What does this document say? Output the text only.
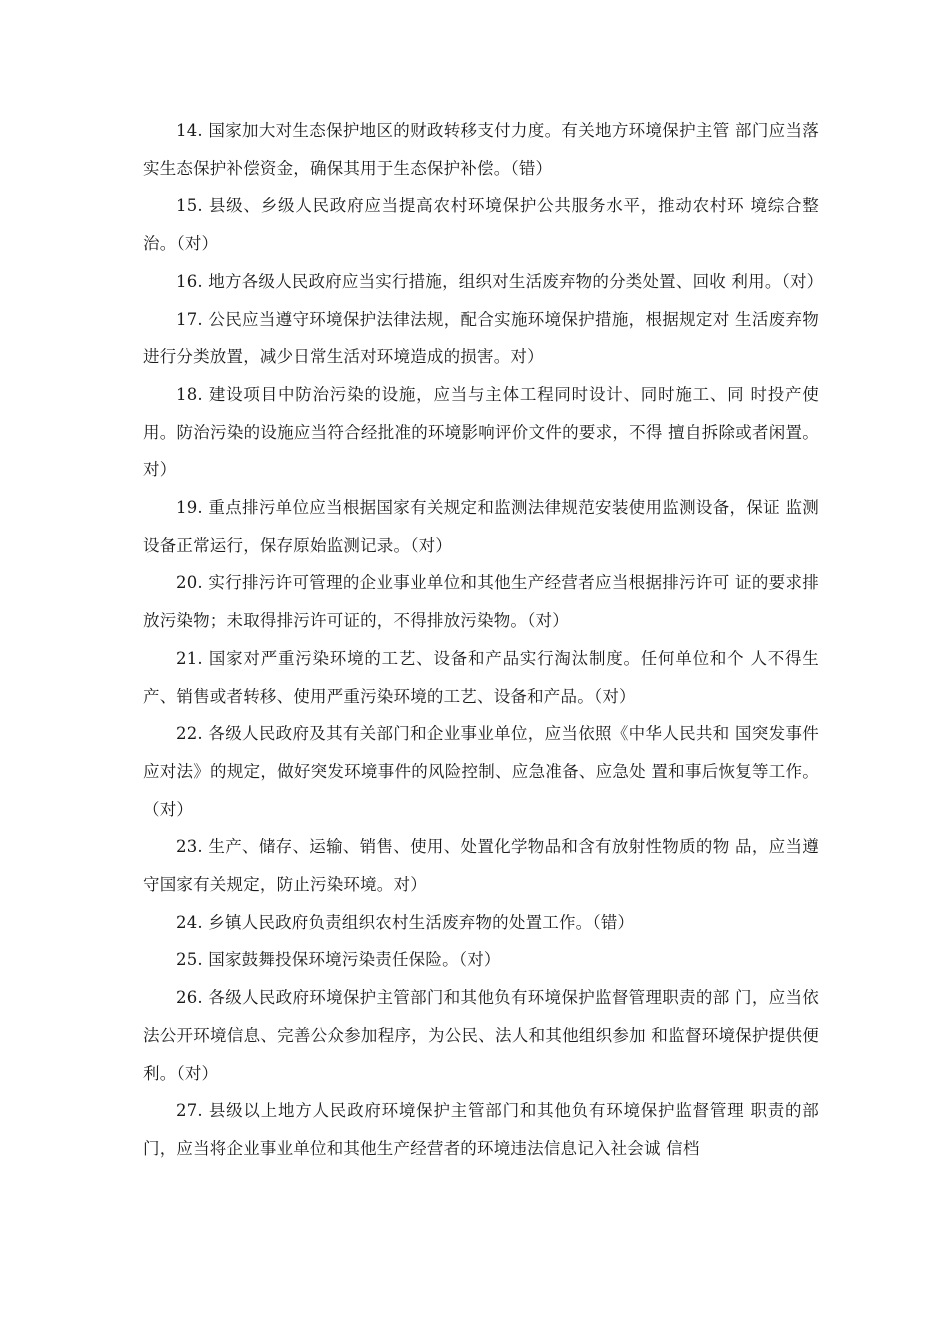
14. 国家加大对生态保护地区的财政转移支付力度。有关地方环境保护主管 部门应当落实生态保护补偿资金，确保其用于生态保护补偿。（错）

15. 县级、乡级人民政府应当提高农村环境保护公共服务水平，推动农村环 境综合整治。（对）

16. 地方各级人民政府应当实行措施，组织对生活废弃物的分类处置、回收 利用。（对）

17. 公民应当遵守环境保护法律法规，配合实施环境保护措施，根据规定对 生活废弃物进行分类放置，减少日常生活对环境造成的损害。对）

18. 建设项目中防治污染的设施，应当与主体工程同时设计、同时施工、同 时投产使用。防治污染的设施应当符合经批准的环境影响评价文件的要求，不得 擅自拆除或者闲置。对）

19. 重点排污单位应当根据国家有关规定和监测法律规范安装使用监测设备，保证 监测设备正常运行，保存原始监测记录。（对）

20. 实行排污许可管理的企业事业单位和其他生产经营者应当根据排污许可 证的要求排放污染物；未取得排污许可证的，不得排放污染物。（对）

21. 国家对严重污染环境的工艺、设备和产品实行淘汰制度。任何单位和个 人不得生产、销售或者转移、使用严重污染环境的工艺、设备和产品。（对）

22. 各级人民政府及其有关部门和企业事业单位，应当依照《中华人民共和 国突发事件应对法》的规定，做好突发环境事件的风险控制、应急准备、应急处 置和事后恢复等工作。（对）

23. 生产、储存、运输、销售、使用、处置化学物品和含有放射性物质的物 品，应当遵守国家有关规定，防止污染环境。对）

24. 乡镇人民政府负责组织农村生活废弃物的处置工作。（错）

25. 国家鼓舞投保环境污染责任保险。（对）

26. 各级人民政府环境保护主管部门和其他负有环境保护监督管理职责的部 门，应当依法公开环境信息、完善公众参加程序，为公民、法人和其他组织参加 和监督环境保护提供便利。（对）

27. 县级以上地方人民政府环境保护主管部门和其他负有环境保护监督管理 职责的部门，应当将企业事业单位和其他生产经营者的环境违法信息记入社会诚 信档
